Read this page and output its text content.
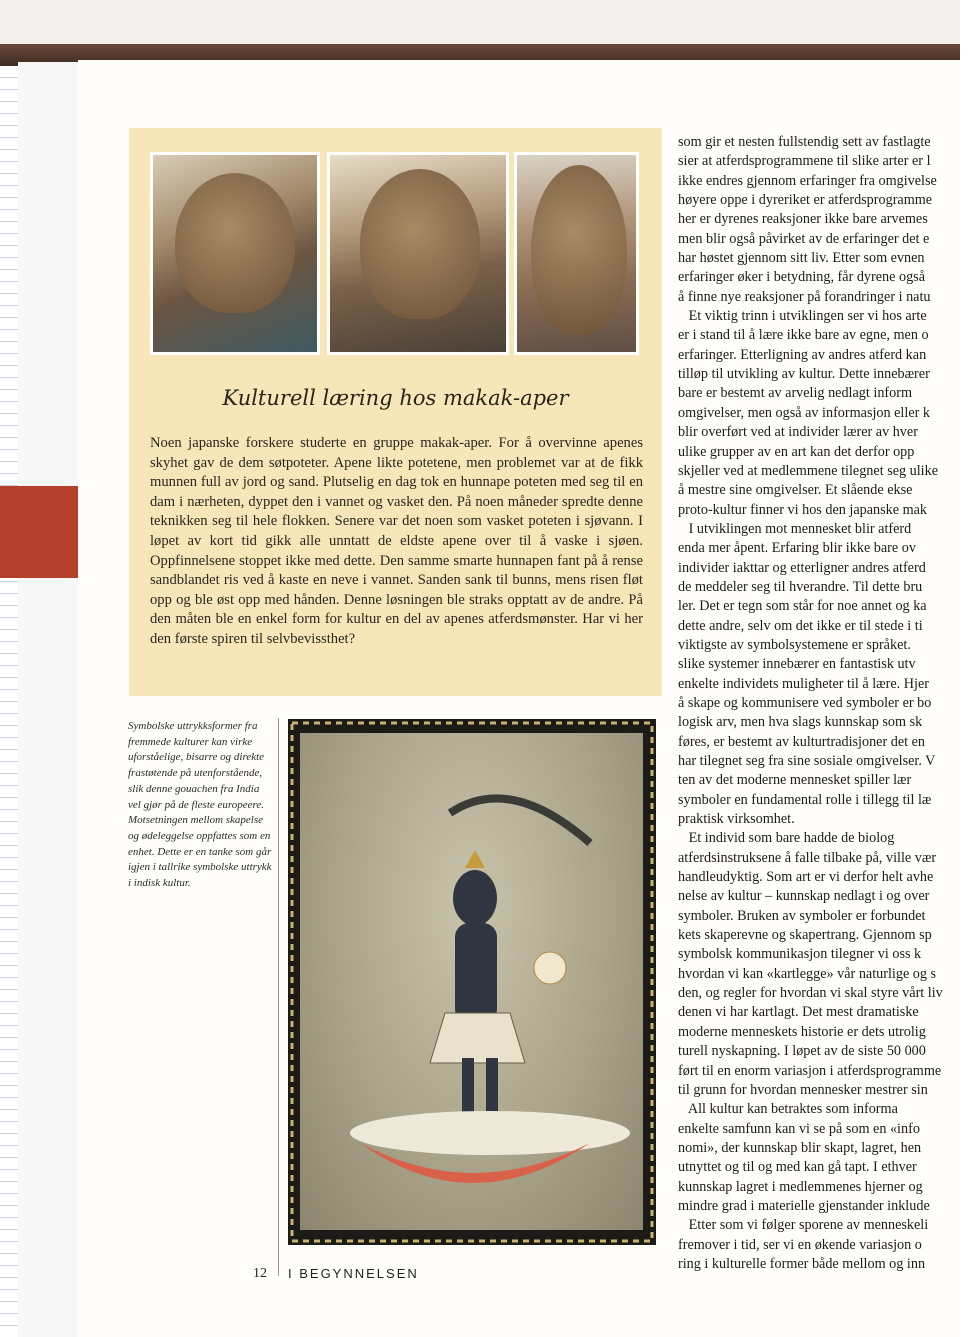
Kulturell læring hos makak-aper
Noen japanske forskere studerte en gruppe makak-aper. For å overvinne apenes skyhet gav de dem søtpoteter. Apene likte potetene, men problemet var at de fikk munnen full av jord og sand. Plutselig en dag tok en hunnape poteten med seg til en dam i nærheten, dyppet den i vannet og vasket den. På noen måneder spredte denne teknikken seg til hele flokken. Senere var det noen som vasket poteten i sjøvann. I løpet av kort tid gikk alle unntatt de eldste apene over til å vaske i sjøen. Oppfinnelsene stoppet ikke med dette. Den samme smarte hunnapen fant på å rense sandblandet ris ved å kaste en neve i vannet. Sanden sank til bunns, mens risen fløt opp og ble øst opp med hånden. Denne løsningen ble straks opptatt av de andre. På den måten ble en enkel form for kultur en del av apenes atferdsmønster. Har vi her den første spiren til selvbevissthet?
Symbolske uttrykksformer fra fremmede kulturer kan virke uforståelige, bisarre og direkte frastøtende på utenforstående, slik denne gouachen fra India vel gjør på de fleste europeere. Motsetningen mellom skapelse og ødeleggelse oppfattes som en enhet. Dette er en tanke som går igjen i tallrike symbolske uttrykk i indisk kultur.
som gir et nesten fullstendig sett av fastlagte
sier at atferdsprogrammene til slike arter er l
ikke endres gjennom erfaringer fra omgivelse
høyere oppe i dyreriket er atferdsprogramme
her er dyrenes reaksjoner ikke bare arvemes
men blir også påvirket av de erfaringer det e
har høstet gjennom sitt liv. Etter som evnen
erfaringer øker i betydning, får dyrene også
å finne nye reaksjoner på forandringer i natu
Et viktig trinn i utviklingen ser vi hos arte
er i stand til å lære ikke bare av egne, men o
erfaringer. Etterligning av andres atferd kan
tilløp til utvikling av kultur. Dette innebærer
bare er bestemt av arvelig nedlagt inform
omgivelser, men også av informasjon eller k
blir overført ved at individer lærer av hver
ulike grupper av en art kan det derfor opp
skjeller ved at medlemmene tilegnet seg ulike
å mestre sine omgivelser. Et slående ekse
proto-kultur finner vi hos den japanske mak
I utviklingen mot mennesket blir atferd
enda mer åpent. Erfaring blir ikke bare ov
individer iakttar og etterligner andres atferd
de meddeler seg til hverandre. Til dette bru
ler. Det er tegn som står for noe annet og ka
dette andre, selv om det ikke er til stede i ti
viktigste av symbolsystemene er språket.
slike systemer innebærer en fantastisk utv
enkelte individets muligheter til å lære. Hjer
å skape og kommunisere ved symboler er bo
logisk arv, men hva slags kunnskap som sk
føres, er bestemt av kulturtradisjoner det en
har tilegnet seg fra sine sosiale omgivelser. V
ten av det moderne mennesket spiller lær
symboler en fundamental rolle i tillegg til læ
praktisk virksomhet.
Et individ som bare hadde de biolog
atferdsinstruksene å falle tilbake på, ville vær
handleudyktig. Som art er vi derfor helt avhe
nelse av kultur – kunnskap nedlagt i og over
symboler. Bruken av symboler er forbundet
kets skaperevne og skapertrang. Gjennom sp
symbolsk kommunikasjon tilegner vi oss k
hvordan vi kan «kartlegge» vår naturlige og s
den, og regler for hvordan vi skal styre vårt liv
denen vi har kartlagt. Det mest dramatiske
moderne menneskets historie er dets utrolig
turell nyskapning. I løpet av de siste 50 000
ført til en enorm variasjon i atferdsprogramme
til grunn for hvordan mennesker mestrer sin
All kultur kan betraktes som informa
enkelte samfunn kan vi se på som en «info
nomi», der kunnskap blir skapt, lagret, hen
utnyttet og til og med kan gå tapt. I ethver
kunnskap lagret i medlemmenes hjerner og
mindre grad i materielle gjenstander inklude
Etter som vi følger sporene av menneskeli
fremover i tid, ser vi en økende variasjon o
ring i kulturelle former både mellom og inn
12 I BEGYNNELSEN
